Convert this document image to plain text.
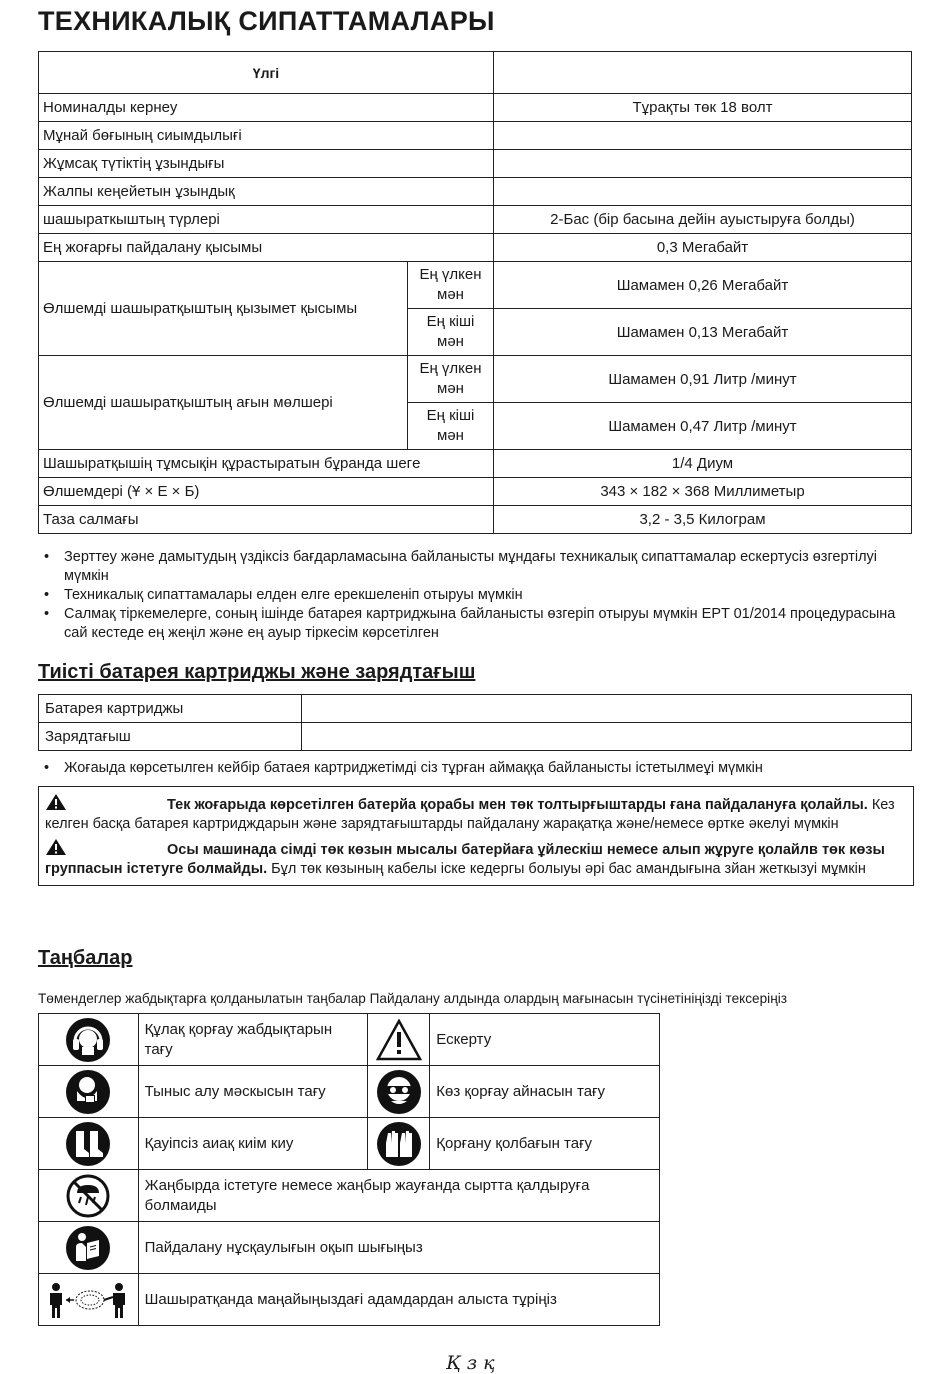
ТЕХНИКАЛЫҚ СИПАТТАМАЛАРЫ
Үлгі		
Номиналды кернеу		Тұрақты төк 18 волт
Мұнай бөғының сиымдылығі		
Жұмсақ түтіктің ұзындығы		
Жалпы кеңейетын ұзындық		
шашыраткыштың түрлері		2-Бас (бір басына дейін ауыстыруға болды)
Ең жоғарғы пайдалану қысымы		0,3 Мегабайт
Өлшемді шашыратқыштың қызымет қысымы	Ең үлкен мән	Шамамен 0,26 Мегабайт
	Ең кіші мән	Шамамен 0,13 Мегабайт
Өлшемді шашыратқыштың ағын мөлшері	Ең үлкен мән	Шамамен 0,91 Литр /минут
	Ең кіші мән	Шамамен 0,47 Литр /минут
Шашыратқышің тұмсықін құрастыратын бұранда шегe		1/4 Диум
Өлшемдері (Ұ × Е × Б)		343 × 182 × 368 Миллиметыр
Таза салмағы		3,2 - 3,5 Килограм
• Зерттеу және дамытудың үздіксіз бағдарламасына байланысты мұндағы техникалық сипаттамалар ескертусіз өзгертілуі мүмкін
• Техникалық сипаттамалары елден елге ерекшеленіп отыруы мүмкін
• Салмақ тіркемелерге, соның ішінде батарея картриджына байланысты өзгеріп отыруы мүмкін EPT 01/2014 процедурасына сай кестеде ең жеңіл және ең ауыр тіркесім көрсетілген
Тиісті батарея картриджы және зарядтағыш
Батарея картриджы	
Зарядтағыш	
• Жоғаыда көрсетылген кейбір батаея картриджетімді сіз тұрған аймаққа байланысты істетылмеұі мүмкін

Тек жоғарыда көрсетілген батерйа қорабы мен төк толтырғыштарды ғана пайдалануға қолайлы. Кез келген басқа батарея картридждарын және зарядтағыштарды пайдалану жарақатқа және/немесе өртке әкелуі мүмкін

Осы машинада сімді төк көзын мысалы батерйаға ұйлескіш немесе алып жұруге қолайлв төк көзы группасын істетуге болмайды. Бұл төк көзының кабелы іске кедергы болыуы әрі бас амандығына зйан жеткызуі мұмкін

Таңбалар
Төмендеглер жабдықтарға қолданылатын таңбалар Пайдалану алдында олардың мағынасын түсінетініңізді тексеріңіз
	Құлақ қорғау жабдықтарын тағу		Ескерту

	Тыныс алу мәскысын тағу		Көз қорғау айнасын тағу

	Қауіпсіз аиақ киім киу		Қорғану қолбағын тағу

	Жаңбырда істетуге немесе жаңбыр жауғанда сыртта қалдыруға болмаиды		

	Пайдалану нұсқаулығын оқып шығыңыз		

	Шашыратқанда маңайыңыздағі адамдардан алыста тұріңіз		
Қзқ
